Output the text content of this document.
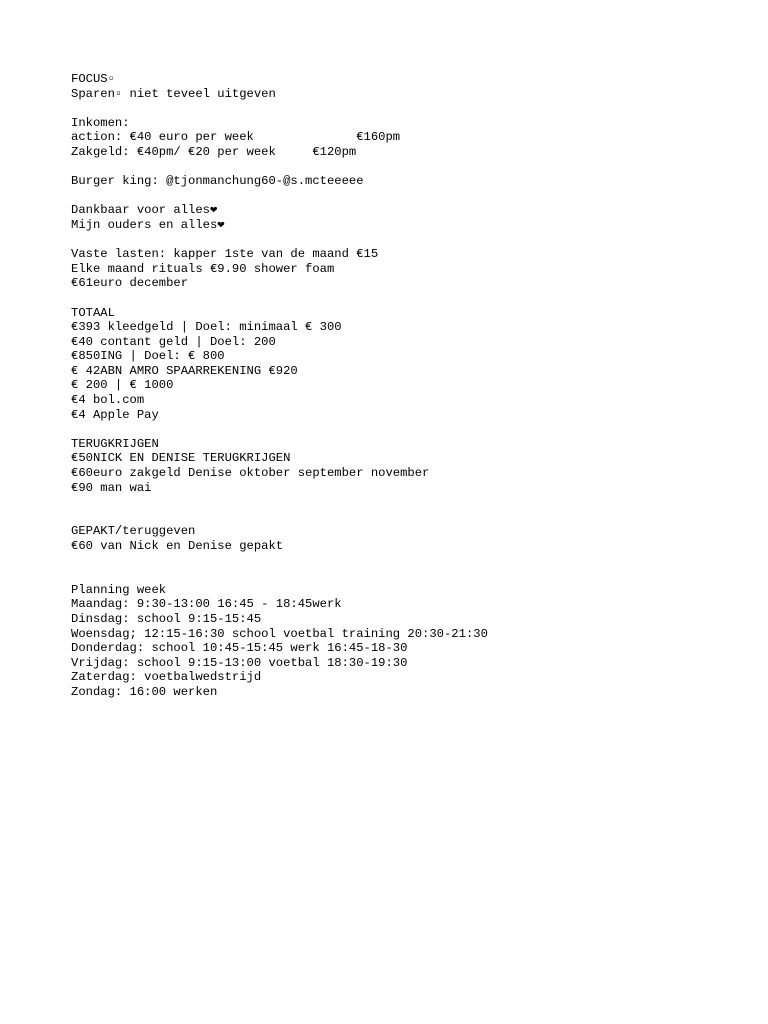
FOCUS▫
Sparen▫ niet teveel uitgeven
Inkomen:
action: €40 euro per week              €160pm
Zakgeld: €40pm/ €20 per week     €120pm
Burger king: @tjonmanchung60-@s.mcteeeee
Dankbaar voor alles❤
Mijn ouders en alles❤
Vaste lasten: kapper 1ste van de maand €15
Elke maand rituals €9.90 shower foam
€61euro december
TOTAAL
€393 kleedgeld | Doel: minimaal € 300
€40 contant geld | Doel: 200
€850ING | Doel: € 800
€ 42ABN AMRO SPAARREKENING €920
€ 200 | € 1000
€4 bol.com
€4 Apple Pay
TERUGKRIJGEN
€50NICK EN DENISE TERUGKRIJGEN
€60euro zakgeld Denise oktober september november
€90 man wai
GEPAKT/teruggeven
€60 van Nick en Denise gepakt
Planning week
Maandag: 9:30-13:00 16:45 - 18:45werk
Dinsdag: school 9:15-15:45
Woensdag; 12:15-16:30 school voetbal training 20:30-21:30
Donderdag: school 10:45-15:45 werk 16:45-18-30
Vrijdag: school 9:15-13:00 voetbal 18:30-19:30
Zaterdag: voetbalwedstrijd
Zondag: 16:00 werken
